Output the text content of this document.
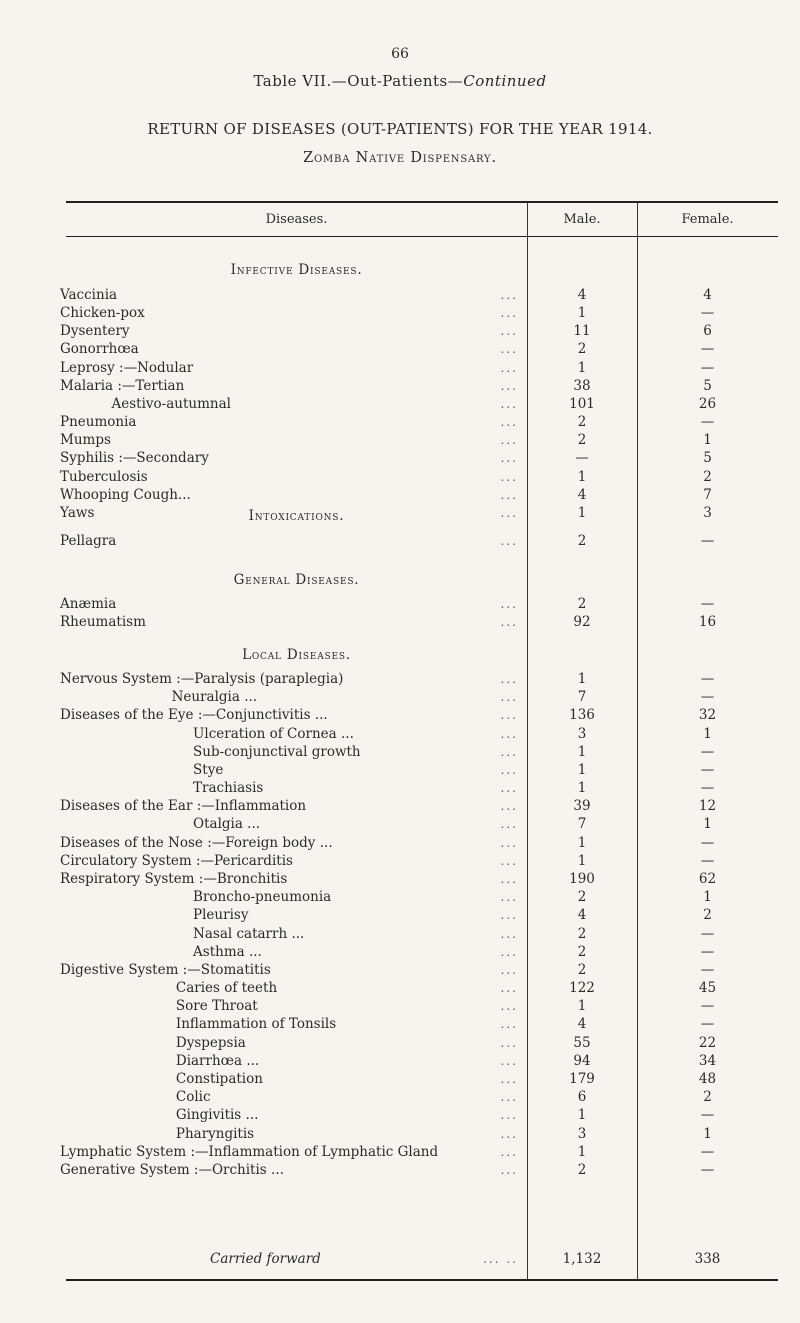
66
Table VII.—Out-Patients—Continued
RETURN OF DISEASES (OUT-PATIENTS) FOR THE YEAR 1914.
Zomba Native Dispensary.
Diseases.	Male.	Female.
Infective Diseases.
Vaccinia	...	4	4
Chicken-pox	...	1	—
Dysentery	...	11	6
Gonorrhœa	...	2	—
Leprosy :—Nodular	...	1	—
Malaria :—Tertian	...	38	5
Aestivo-autumnal	...	101	26
Pneumonia	...	2	—
Mumps	...	2	1
Syphilis :—Secondary	...	—	5
Tuberculosis	...	1	2
Whooping Cough...	...	4	7
Yaws	...	1	3
Intoxications.
Pellagra	...	2	—
General Diseases.
Anæmia	...	2	—
Rheumatism	...	92	16
Local Diseases.
Nervous System :—Paralysis (paraplegia)	...	1	—
Neuralgia ...	...	7	—
Diseases of the Eye :—Conjunctivitis ...	...	136	32
Ulceration of Cornea ...	...	3	1
Sub-conjunctival growth	...	1	—
Stye	...	1	—
Trachiasis	...	1	—
Diseases of the Ear :—Inflammation	...	39	12
Otalgia ...	...	7	1
Diseases of the Nose :—Foreign body ...	...	1	—
Circulatory System :—Pericarditis	...	1	—
Respiratory System :—Bronchitis	...	190	62
Broncho-pneumonia	...	2	1
Pleurisy	...	4	2
Nasal catarrh ...	...	2	—
Asthma ...	...	2	—
Digestive System :—Stomatitis	...	2	—
Caries of teeth	...	122	45
Sore Throat	...	1	—
Inflammation of Tonsils	...	4	—
Dyspepsia	...	55	22
Diarrhœa ...	...	94	34
Constipation	...	179	48
Colic	...	6	2
Gingivitis ...	...	1	—
Pharyngitis	...	3	1
Lymphatic System :—Inflammation of Lymphatic Gland	...	1	—
Generative System :—Orchitis ...	...	2	—
Carried forward	... ..	1,132	338
